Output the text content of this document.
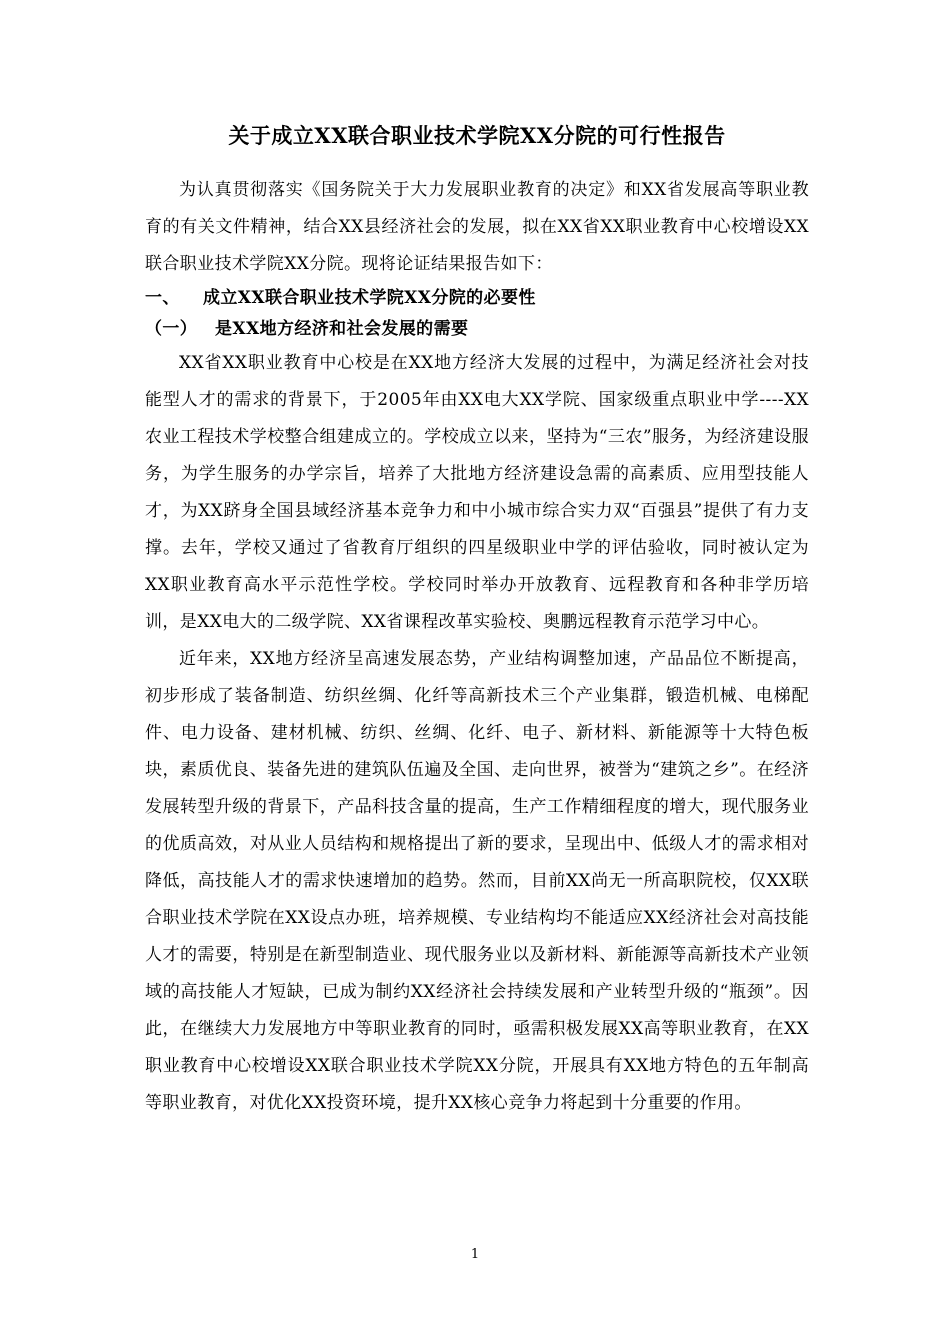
关于成立XX联合职业技术学院XX分院的可行性报告

为认真贯彻落实《国务院关于大力发展职业教育的决定》和XX省发展高等职业教育的有关文件精神，结合XX县经济社会的发展，拟在XX省XX职业教育中心校增设XX联合职业技术学院XX分院。现将论证结果报告如下：

一、 成立XX联合职业技术学院XX分院的必要性
（一） 是XX地方经济和社会发展的需要

XX省XX职业教育中心校是在XX地方经济大发展的过程中，为满足经济社会对技能型人才的需求的背景下，于2005年由XX电大XX学院、国家级重点职业中学----XX农业工程技术学校整合组建成立的。学校成立以来，坚持为“三农”服务，为经济建设服务，为学生服务的办学宗旨，培养了大批地方经济建设急需的高素质、应用型技能人才，为XX跻身全国县域经济基本竞争力和中小城市综合实力双“百强县”提供了有力支撑。去年，学校又通过了省教育厅组织的四星级职业中学的评估验收，同时被认定为XX职业教育高水平示范性学校。学校同时举办开放教育、远程教育和各种非学历培训，是XX电大的二级学院、XX省课程改革实验校、奥鹏远程教育示范学习中心。

近年来，XX地方经济呈高速发展态势，产业结构调整加速，产品品位不断提高，初步形成了装备制造、纺织丝绸、化纤等高新技术三个产业集群，锻造机械、电梯配件、电力设备、建材机械、纺织、丝绸、化纤、电子、新材料、新能源等十大特色板块，素质优良、装备先进的建筑队伍遍及全国、走向世界，被誉为“建筑之乡”。在经济发展转型升级的背景下，产品科技含量的提高，生产工作精细程度的增大，现代服务业的优质高效，对从业人员结构和规格提出了新的要求，呈现出中、低级人才的需求相对降低，高技能人才的需求快速增加的趋势。然而，目前XX尚无一所高职院校，仅XX联合职业技术学院在XX设点办班，培养规模、专业结构均不能适应XX经济社会对高技能人才的需要，特别是在新型制造业、现代服务业以及新材料、新能源等高新技术产业领域的高技能人才短缺，已成为制约XX经济社会持续发展和产业转型升级的“瓶颈”。因此，在继续大力发展地方中等职业教育的同时，亟需积极发展XX高等职业教育，在XX职业教育中心校增设XX联合职业技术学院XX分院，开展具有XX地方特色的五年制高等职业教育，对优化XX投资环境，提升XX核心竞争力将起到十分重要的作用。

1
